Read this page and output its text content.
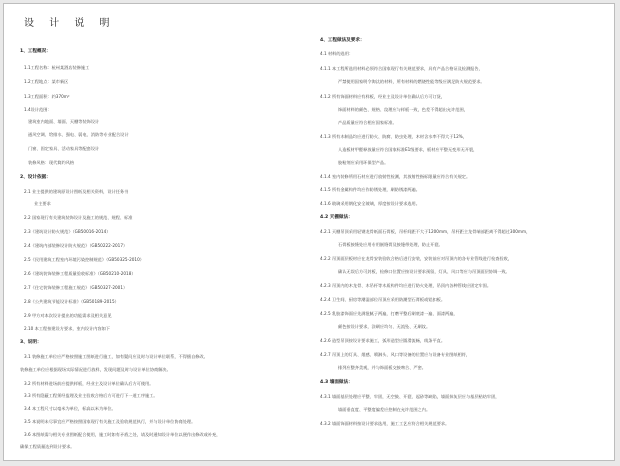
设 计 说 明
1、工程概况：
1.1工程名称：杭州某酒店装修施工
1.2工程地点：某市新区
1.3工程面积：约370m²
1.4设计范围：
建筑室内地面、墙面、天棚等装饰设计
通风空调、给排水、强电、弱电、消防等专业配合设计
门窗、固定家具、活动家具等配套设计
装修风格：现代简约风格
2、设计依据：
2.1 业主提供的建筑原设计图纸及相关资料，设计任务书
业主要求
2.2 国家现行有关建筑装饰设计及施工的规范、规程、标准
2.3《建筑设计防火规范》（GB50016-2014）
2.4《建筑内部装修设计防火规范》（GB50222-2017）
2.5《民用建筑工程室内环境污染控制规范》（GB50325-2010）
2.6《建筑装饰装修工程质量验收标准》（GB50210-2018）
2.7《住宅装饰装修工程施工规范》（GB50327-2001）
2.8《公共建筑节能设计标准》（GB50189-2015）
2.9 甲方对本次设计提出的功能需求及相关意见
2.10 本工程按建设方要求，室内设计内容如下
3、说明：
3.1 装修施工单位应严格按照施工图纸进行施工，如有疑问应及时与设计单位联系，不得擅自修改。
装修施工单位应根据现场实际情况进行放样，发现问题及时与设计单位协商解决。
3.2 所有材料进场前应提供样板，经业主及设计单位确认后方可使用。
3.3 所有隐蔽工程须经监理及业主验收合格后方可进行下一道工序施工。
3.4 本工程尺寸以毫米为单位，标高以米为单位。
3.5 本说明未尽事宜应严格按照国家现行有关施工及验收规范执行，并与设计单位协商处理。
3.6 本图纸需与相关专业图纸配合使用，施工时如有矛盾之处，请及时通知设计单位以便作出修改或补充，
确保工程质量达到设计要求。
4、工程做法及要求：
4.1 材料的选用：
4.1.1 本工程所选用材料必须符合国家现行有关规范要求，具有产品合格证及检测报告，
严禁使用国家明令淘汰的材料，所有材料的燃烧性能等级应满足防火规范要求。
4.1.2 所有饰面材料应有样板，经业主及设计单位确认后方可订货，
饰面材料的颜色、规格、纹理应与样板一致，色差不得超出允许范围，
产品质量应符合相应国家标准。
4.1.3 所有木制品均应进行防火、防腐、防虫处理，木材含水率不得大于12%，
人造板材甲醛释放量应符合国家标准E1级要求，板材应平整无变形无开裂，
胶粘剂应采用环保型产品。
4.1.4 室内装修所用石材应进行放射性检测，其放射性指标限量应符合有关规定。
4.1.5 所有金属构件均应作防锈处理，刷防锈漆两遍。
4.1.6 玻璃采用钢化安全玻璃，厚度按设计要求选用。
4.2 天棚做法：
4.2.1 天棚吊顶采用轻钢龙骨纸面石膏板，吊杆间距不大于1200mm，吊杆距主龙骨端部距离不得超过300mm，
石膏板接缝处应用专用嵌缝膏及接缝带处理，防止开裂。
4.2.2 吊顶面层板材应在龙骨安装验收合格后进行安装，安装前应对吊顶内的各专业管线进行检查验收，
确认无误后方可封板，检修口位置应按设计要求预留，灯具、风口等应与吊顶面层协调一致。
4.2.3 吊顶内的木龙骨、木吊杆等木质构件均应进行防火处理，吊顶内各种管线应固定牢固。
4.2.4 卫生间、厨房等潮湿部位吊顶应采用防潮型石膏板或铝扣板。
4.2.5 乳胶漆饰面应先满批腻子两遍，打磨平整后刷底漆一遍、面漆两遍，
颜色按设计要求，涂刷应均匀、无流坠、无刷纹。
4.2.6 造型吊顶按设计要求施工，弧形造型应圆滑流畅，线条平直。
4.2.7 吊顶上的灯具、烟感、喷淋头、风口等设备的位置应与设备专业图纸相符，
排列应整齐美观，并与饰面板交接吻合、严密。
4.3 墙面做法：
4.3.1 墙面基层处理应平整、牢固，无空鼓、开裂、起砂等缺陷，墙面抹灰层应与基层粘结牢固，
墙面垂直度、平整度偏差应控制在允许范围之内。
4.3.2 墙面饰面材料按设计要求选用，施工工艺应符合相关规范要求。
